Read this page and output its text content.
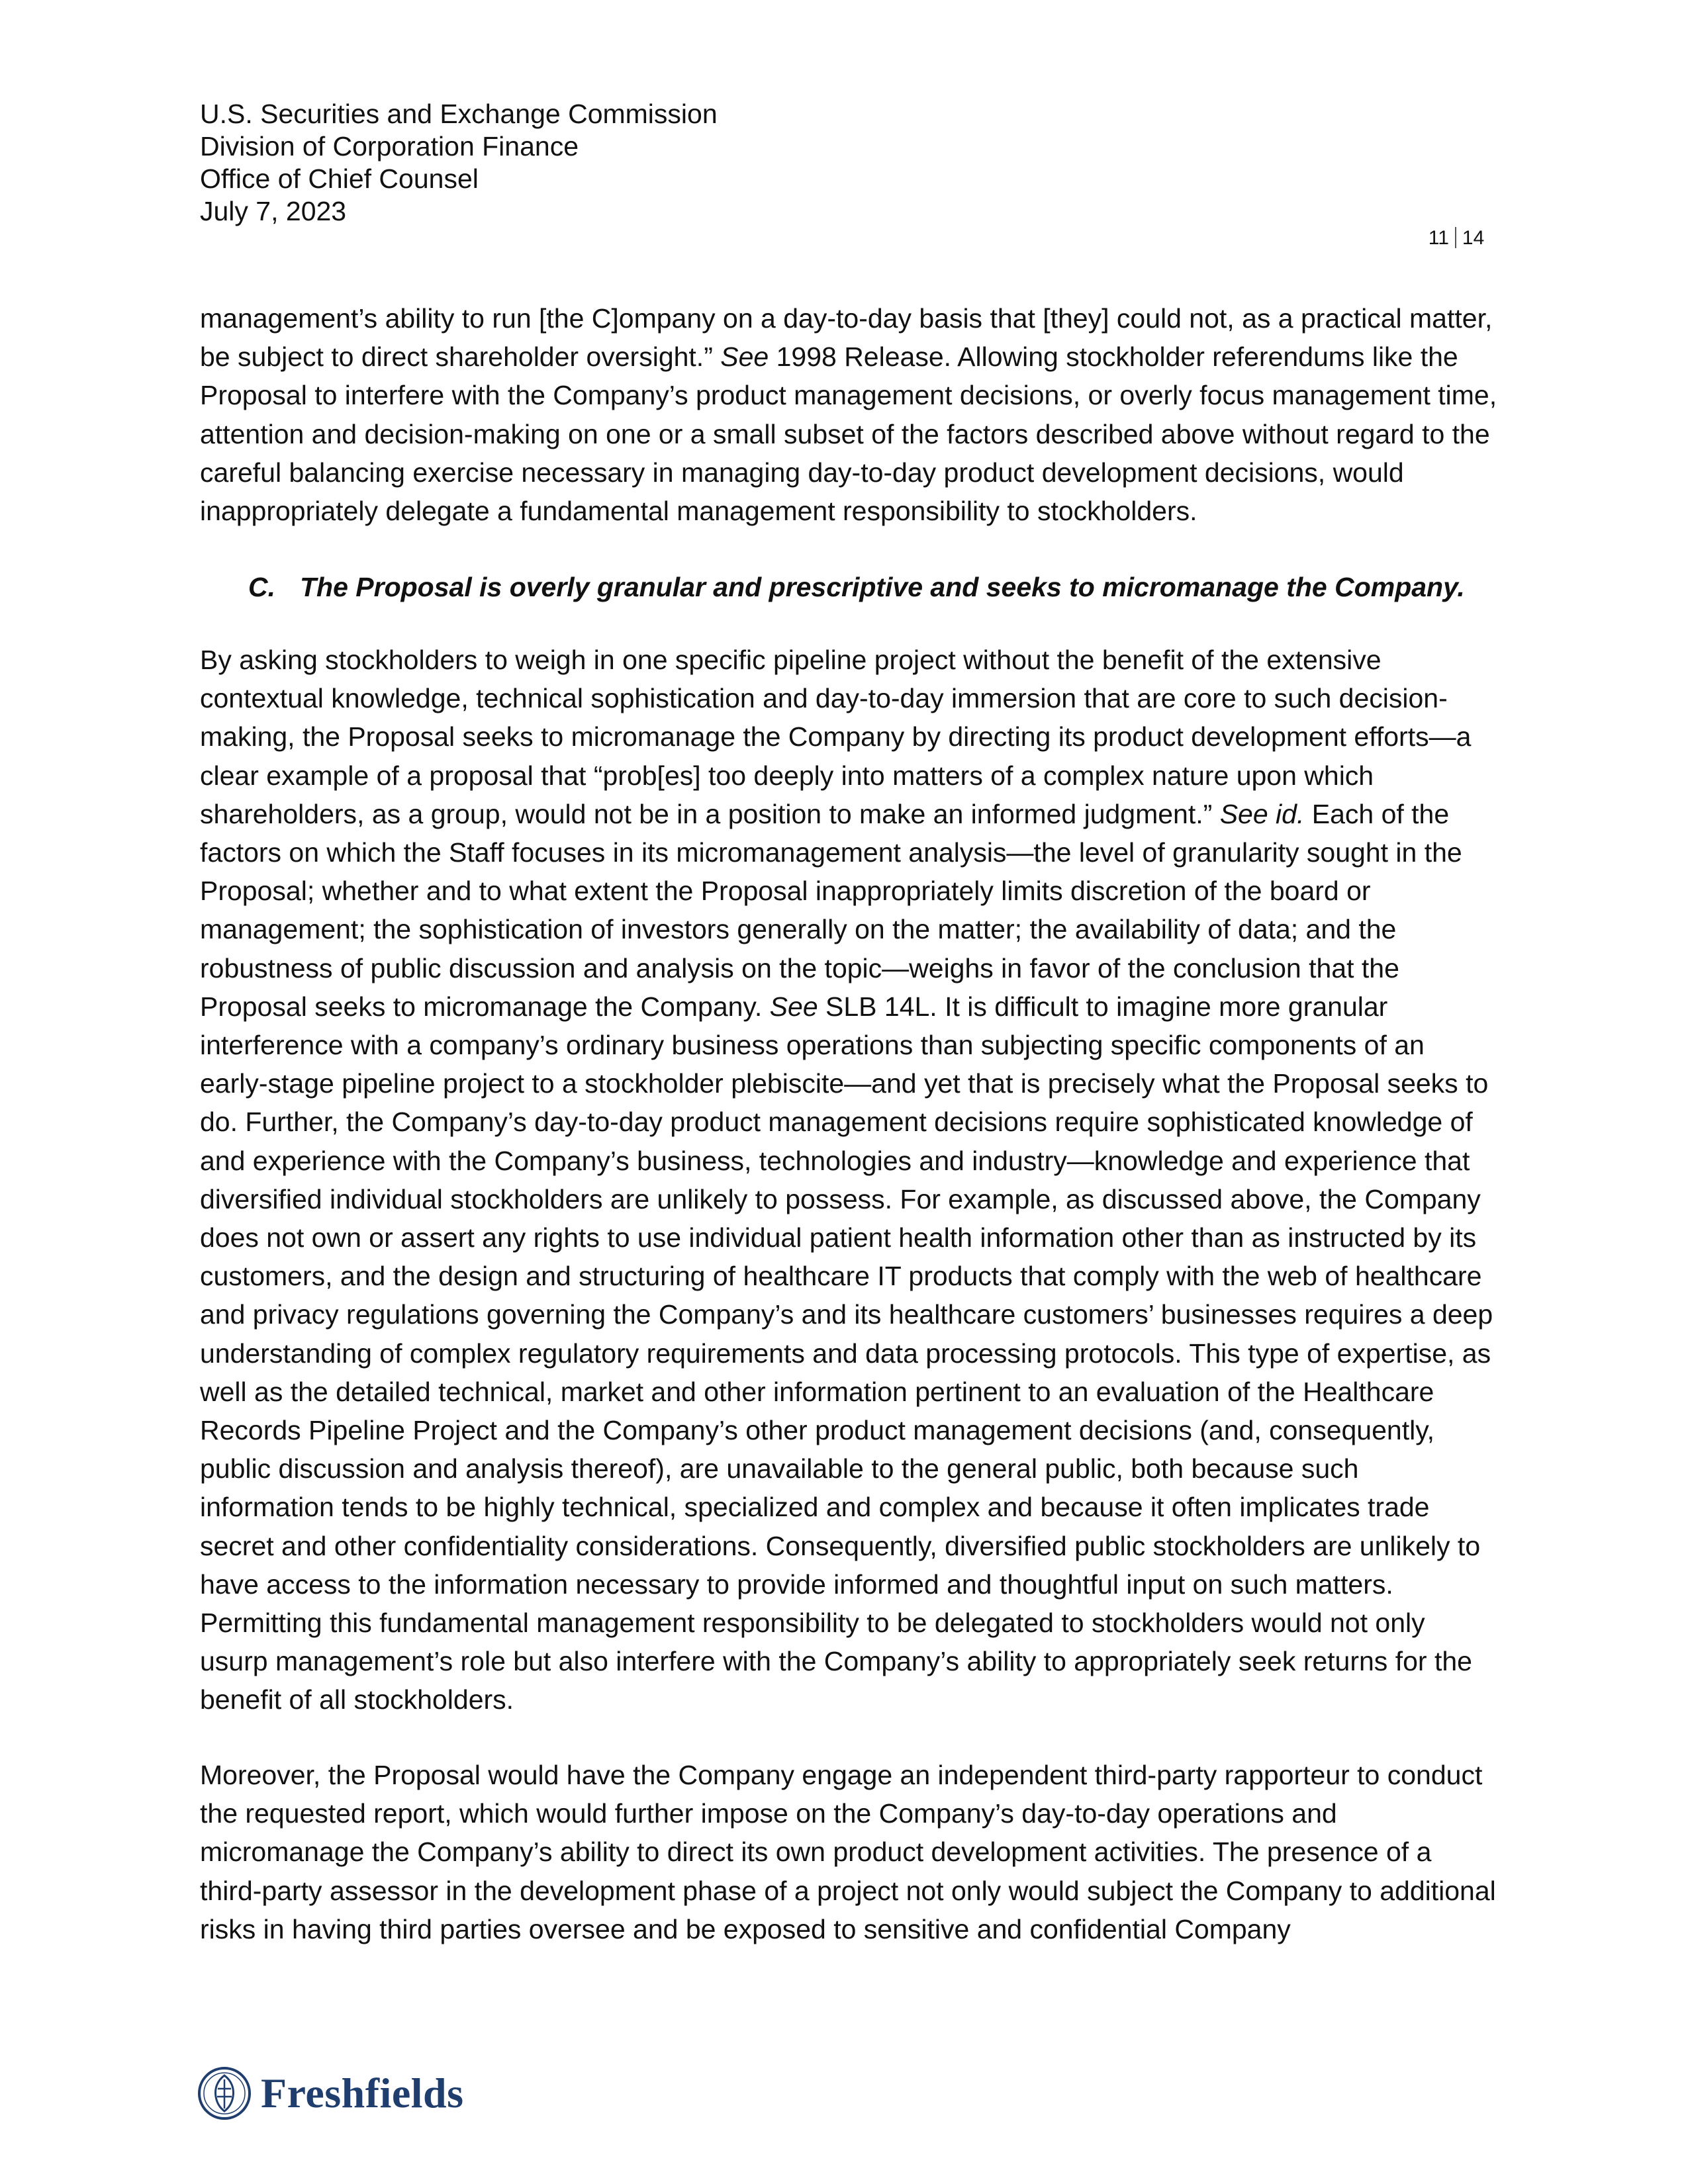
U.S. Securities and Exchange Commission
Division of Corporation Finance
Office of Chief Counsel
July 7, 2023
11 14

management’s ability to run [the C]ompany on a day-to-day basis that [they] could not, as a practical matter, be subject to direct shareholder oversight.” See 1998 Release. Allowing stockholder referendums like the Proposal to interfere with the Company’s product management decisions, or overly focus management time, attention and decision-making on one or a small subset of the factors described above without regard to the careful balancing exercise necessary in managing day-to-day product development decisions, would inappropriately delegate a fundamental management responsibility to stockholders.

C. The Proposal is overly granular and prescriptive and seeks to micromanage the Company.

By asking stockholders to weigh in one specific pipeline project without the benefit of the extensive contextual knowledge, technical sophistication and day-to-day immersion that are core to such decision-making, the Proposal seeks to micromanage the Company by directing its product development efforts—a clear example of a proposal that “prob[es] too deeply into matters of a complex nature upon which shareholders, as a group, would not be in a position to make an informed judgment.” See id. Each of the factors on which the Staff focuses in its micromanagement analysis—the level of granularity sought in the Proposal; whether and to what extent the Proposal inappropriately limits discretion of the board or management; the sophistication of investors generally on the matter; the availability of data; and the robustness of public discussion and analysis on the topic—weighs in favor of the conclusion that the Proposal seeks to micromanage the Company. See SLB 14L. It is difficult to imagine more granular interference with a company’s ordinary business operations than subjecting specific components of an early-stage pipeline project to a stockholder plebiscite—and yet that is precisely what the Proposal seeks to do. Further, the Company’s day-to-day product management decisions require sophisticated knowledge of and experience with the Company’s business, technologies and industry—knowledge and experience that diversified individual stockholders are unlikely to possess. For example, as discussed above, the Company does not own or assert any rights to use individual patient health information other than as instructed by its customers, and the design and structuring of healthcare IT products that comply with the web of healthcare and privacy regulations governing the Company’s and its healthcare customers’ businesses requires a deep understanding of complex regulatory requirements and data processing protocols. This type of expertise, as well as the detailed technical, market and other information pertinent to an evaluation of the Healthcare Records Pipeline Project and the Company’s other product management decisions (and, consequently, public discussion and analysis thereof), are unavailable to the general public, both because such information tends to be highly technical, specialized and complex and because it often implicates trade secret and other confidentiality considerations. Consequently, diversified public stockholders are unlikely to have access to the information necessary to provide informed and thoughtful input on such matters. Permitting this fundamental management responsibility to be delegated to stockholders would not only usurp management’s role but also interfere with the Company’s ability to appropriately seek returns for the benefit of all stockholders.

Moreover, the Proposal would have the Company engage an independent third-party rapporteur to conduct the requested report, which would further impose on the Company’s day-to-day operations and micromanage the Company’s ability to direct its own product development activities. The presence of a third-party assessor in the development phase of a project not only would subject the Company to additional risks in having third parties oversee and be exposed to sensitive and confidential Company

Freshfields
